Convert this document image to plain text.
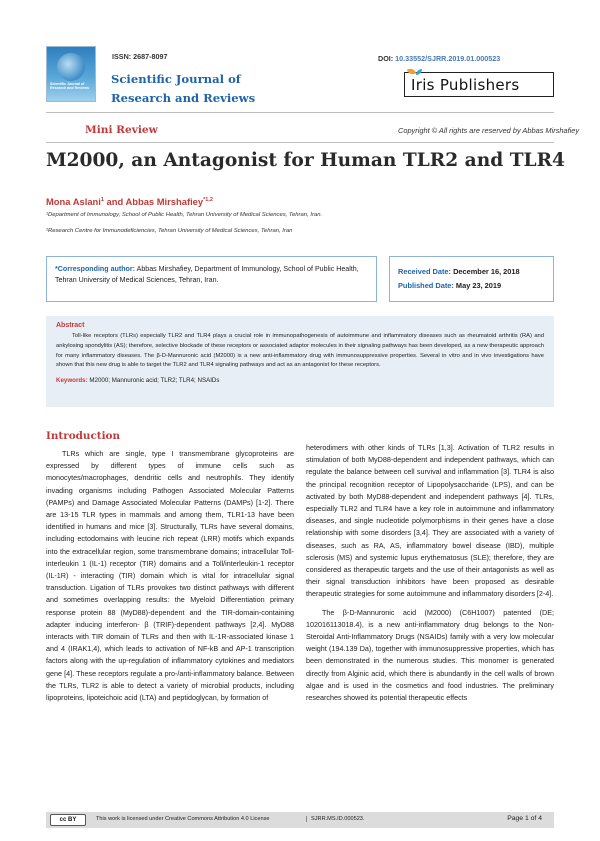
Scientific Journal of Research and Reviews
ISSN: 2687-8097
Scientific Journal of
Research and Reviews
DOI: 10.33552/SJRR.2019.01.000523
Iris Publishers
Mini Review	Copyright © All rights are reserved by Abbas Mirshafiey
M2000, an Antagonist for Human TLR2 and TLR4
Mona Aslani$^1$ and Abbas Mirshafiey$^{*1,2}$
¹Department of Immunology, School of Public Health, Tehran University of Medical Sciences, Tehran, Iran.
²Research Centre for Immunodeficiencies, Tehran University of Medical Sciences, Tehran, Iran
*Corresponding author: Abbas Mirshafiey, Department of Immunology, School of Public Health, Tehran University of Medical Sciences, Tehran, Iran.
Received Date: December 16, 2018
Published Date: May 23, 2019
Abstract
Toll-like receptors (TLRs) especially TLR2 and TLR4 plays a crucial role in immunopathogenesis of autoimmune and inflammatory diseases such as rheumatoid arthritis (RA) and ankylosing spondylitis (AS); therefore, selective blockade of these receptors or associated adaptor molecules in their signaling pathways has been developed, as a new therapeutic approach for many inflammatory diseases. The β-D-Mannuronic acid (M2000) is a new anti-inflammatory drug with immunosuppressive properties. Several in vitro and in vivo investigations have shown that this new drug is able to target the TLR2 and TLR4 signaling pathways and act as an antagonist for these receptors.
Keywords: M2000; Mannuronic acid; TLR2; TLR4; NSAIDs
Introduction

TLRs which are single, type I transmembrane glycoproteins are expressed by different types of immune cells such as monocytes/macrophages, dendritic cells and neutrophils. They identify invading organisms including Pathogen Associated Molecular Patterns (PAMPs) and Damage Associated Molecular Patterns (DAMPs) [1-2]. There are 13-15 TLR types in mammals and among them, TLR1-13 have been identified in humans and mice [3]. Structurally, TLRs have several domains, including ectodomains with leucine rich repeat (LRR) motifs which expands into the extracellular region, some transmembrane domains; intracellular Toll-interleukin 1 (IL-1) receptor (TIR) domains and a Toll/interleukin-1 receptor (IL-1R) - interacting (TIR) domain which is vital for intracellular signal transduction. Ligation of TLRs provokes two distinct pathways with different and sometimes overlapping results: the Myeloid Differentiation primary response protein 88 (MyD88)-dependent and the TIR-domain-containing adapter inducing interferon- β (TRIF)-dependent pathways [2,4]. MyD88 interacts with TIR domain of TLRs and then with IL-1R-associated kinase 1 and 4 (IRAK1,4), which leads to activation of NF-kB and AP-1 transcription factors along with the up-regulation of inflammatory cytokines and mediators gene [4]. These receptors regulate a pro-/anti-inflammatory balance. Between the TLRs, TLR2 is able to detect a variety of microbial products, including lipoproteins, lipoteichoic acid (LTA) and peptidoglycan, by formation of

heterodimers with other kinds of TLRs [1,3]. Activation of TLR2 results in stimulation of both MyD88-dependent and independent pathways, which can regulate the balance between cell survival and inflammation [3]. TLR4 is also the principal recognition receptor of Lipopolysaccharide (LPS), and can be activated by both MyD88-dependent and independent pathways [4]. TLRs, especially TLR2 and TLR4 have a key role in autoimmune and inflammatory diseases, and single nucleotide polymorphisms in their genes have a close relationship with some disorders [3,4]. They are associated with a variety of diseases, such as RA, AS, inflammatory bowel disease (IBD), multiple sclerosis (MS) and systemic lupus erythematosus (SLE); therefore, they are considered as therapeutic targets and the use of their antagonists as well as their signal transduction inhibitors have been proposed as desirable therapeutic strategies for some autoimmune and inflammatory disorders [2-4].

The β-D-Mannuronic acid (M2000) (C6H1007) patented (DE; 102016113018.4), is a new anti-inflammatory drug belongs to the Non-Steroidal Anti-Inflammatory Drugs (NSAIDs) family with a very low molecular weight (194.139 Da), together with immunosuppressive properties, which has been demonstrated in the numerous studies. This monomer is generated directly from Alginic acid, which there is abundantly in the cell walls of brown algae and is used in the cosmetics and food industries. The preliminary researches showed its potential therapeutic effects

cc BY	This work is licensed under Creative Commons Attribution 4.0 License	SJRR.MS.ID.000523.	Page 1 of 4
